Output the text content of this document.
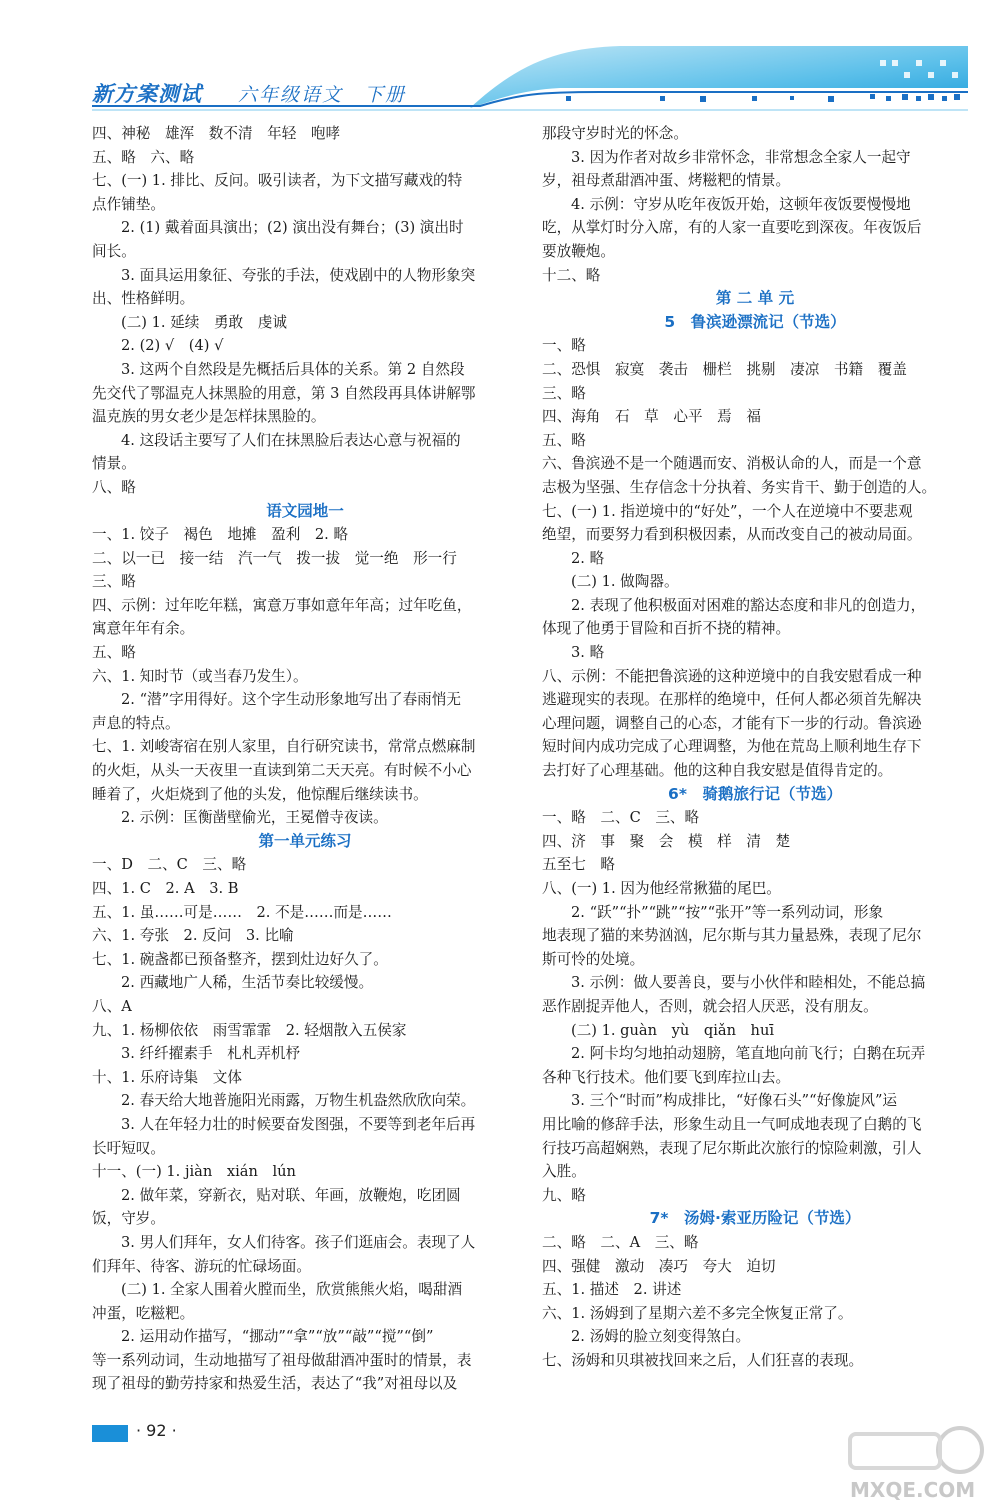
新方案测试 六年级语文　下册
四、神秘　雄浑　数不清　年轻　咆哮
五、略　六、略
七、(一) 1. 排比、反问。吸引读者，为下文描写藏戏的特
点作铺垫。
2. (1) 戴着面具演出；(2) 演出没有舞台；(3) 演出时
间长。
3. 面具运用象征、夸张的手法，使戏剧中的人物形象突
出、性格鲜明。
(二) 1. 延续　勇敢　虔诚
2. (2) √　(4) √
3. 这两个自然段是先概括后具体的关系。第 2 自然段
先交代了鄂温克人抹黑脸的用意，第 3 自然段再具体讲解鄂
温克族的男女老少是怎样抹黑脸的。
4. 这段话主要写了人们在抹黑脸后表达心意与祝福的
情景。
八、略
语文园地一
一、1. 饺子　褐色　地摊　盈利　2. 略
二、以一已　接一结　汽一气　拨一拔　觉一绝　形一行
三、略
四、示例：过年吃年糕，寓意万事如意年年高；过年吃鱼，
寓意年年有余。
五、略
六、1. 知时节（或当春乃发生）。
2. “潜”字用得好。这个字生动形象地写出了春雨悄无
声息的特点。
七、1. 刘峻寄宿在别人家里，自行研究读书，常常点燃麻制
的火炬，从头一天夜里一直读到第二天天亮。有时候不小心
睡着了，火炬烧到了他的头发，他惊醒后继续读书。
2. 示例：匡衡凿壁偷光，王冕僧寺夜读。
第一单元练习
一、D　二、C　三、略
四、1. C　2. A　3. B
五、1. 虽……可是……　2. 不是……而是……
六、1. 夸张　2. 反问　3. 比喻
七、1. 碗盏都已预备整齐，摆到灶边好久了。
2. 西藏地广人稀，生活节奏比较缓慢。
八、A
九、1. 杨柳依依　雨雪霏霏　2. 轻烟散入五侯家
3. 纤纤擢素手　札札弄机杼
十、1. 乐府诗集　文体
2. 春天给大地普施阳光雨露，万物生机盎然欣欣向荣。
3. 人在年轻力壮的时候要奋发图强，不要等到老年后再
长吁短叹。
十一、(一) 1. jiàn　xián　lún
2. 做年菜，穿新衣，贴对联、年画，放鞭炮，吃团圆
饭，守岁。
3. 男人们拜年，女人们待客。孩子们逛庙会。表现了人
们拜年、待客、游玩的忙碌场面。
(二) 1. 全家人围着火膛而坐，欣赏熊熊火焰，喝甜酒
冲蛋，吃糍粑。
2. 运用动作描写，“挪动”“拿”“放”“敲”“搅”“倒”
等一系列动词，生动地描写了祖母做甜酒冲蛋时的情景，表
现了祖母的勤劳持家和热爱生活，表达了“我”对祖母以及
那段守岁时光的怀念。
3. 因为作者对故乡非常怀念，非常想念全家人一起守
岁，祖母煮甜酒冲蛋、烤糍粑的情景。
4. 示例：守岁从吃年夜饭开始，这顿年夜饭要慢慢地
吃，从掌灯时分入席，有的人家一直要吃到深夜。年夜饭后
要放鞭炮。
十二、略
第 二 单 元
5　鲁滨逊漂流记（节选）
一、略
二、恐惧　寂寞　袭击　栅栏　挑剔　凄凉　书籍　覆盖
三、略
四、海角　石　草　心平　焉　福
五、略
六、鲁滨逊不是一个随遇而安、消极认命的人，而是一个意
志极为坚强、生存信念十分执着、务实肯干、勤于创造的人。
七、(一) 1. 指逆境中的“好处”，一个人在逆境中不要悲观
绝望，而要努力看到积极因素，从而改变自己的被动局面。
2. 略
(二) 1. 做陶器。
2. 表现了他积极面对困难的豁达态度和非凡的创造力，
体现了他勇于冒险和百折不挠的精神。
3. 略
八、示例：不能把鲁滨逊的这种逆境中的自我安慰看成一种
逃避现实的表现。在那样的绝境中，任何人都必须首先解决
心理问题，调整自己的心态，才能有下一步的行动。鲁滨逊
短时间内成功完成了心理调整，为他在荒岛上顺利地生存下
去打好了心理基础。他的这种自我安慰是值得肯定的。
6*　骑鹅旅行记（节选）
一、略　二、C　三、略
四、济　事　聚　会　模　样　清　楚
五至七　略
八、(一) 1. 因为他经常揪猫的尾巴。
2. “跃”“扑”“跳”“按”“张开”等一系列动词，形象
地表现了猫的来势汹汹，尼尔斯与其力量悬殊，表现了尼尔
斯可怜的处境。
3. 示例：做人要善良，要与小伙伴和睦相处，不能总搞
恶作剧捉弄他人，否则，就会招人厌恶，没有朋友。
(二) 1. guàn　yù　qiǎn　huī
2. 阿卡均匀地拍动翅膀，笔直地向前飞行；白鹅在玩弄
各种飞行技术。他们要飞到库拉山去。
3. 三个“时而”构成排比，“好像石头”“好像旋风”运
用比喻的修辞手法，形象生动且一气呵成地表现了白鹅的飞
行技巧高超娴熟，表现了尼尔斯此次旅行的惊险刺激，引人
入胜。
九、略
7*　汤姆·索亚历险记（节选）
二、略　二、A　三、略
四、强健　激动　凑巧　夸大　迫切
五、1. 描述　2. 讲述
六、1. 汤姆到了星期六差不多完全恢复正常了。
2. 汤姆的脸立刻变得煞白。
七、汤姆和贝琪被找回来之后，人们狂喜的表现。
· 92 ·
MXQE.COM
